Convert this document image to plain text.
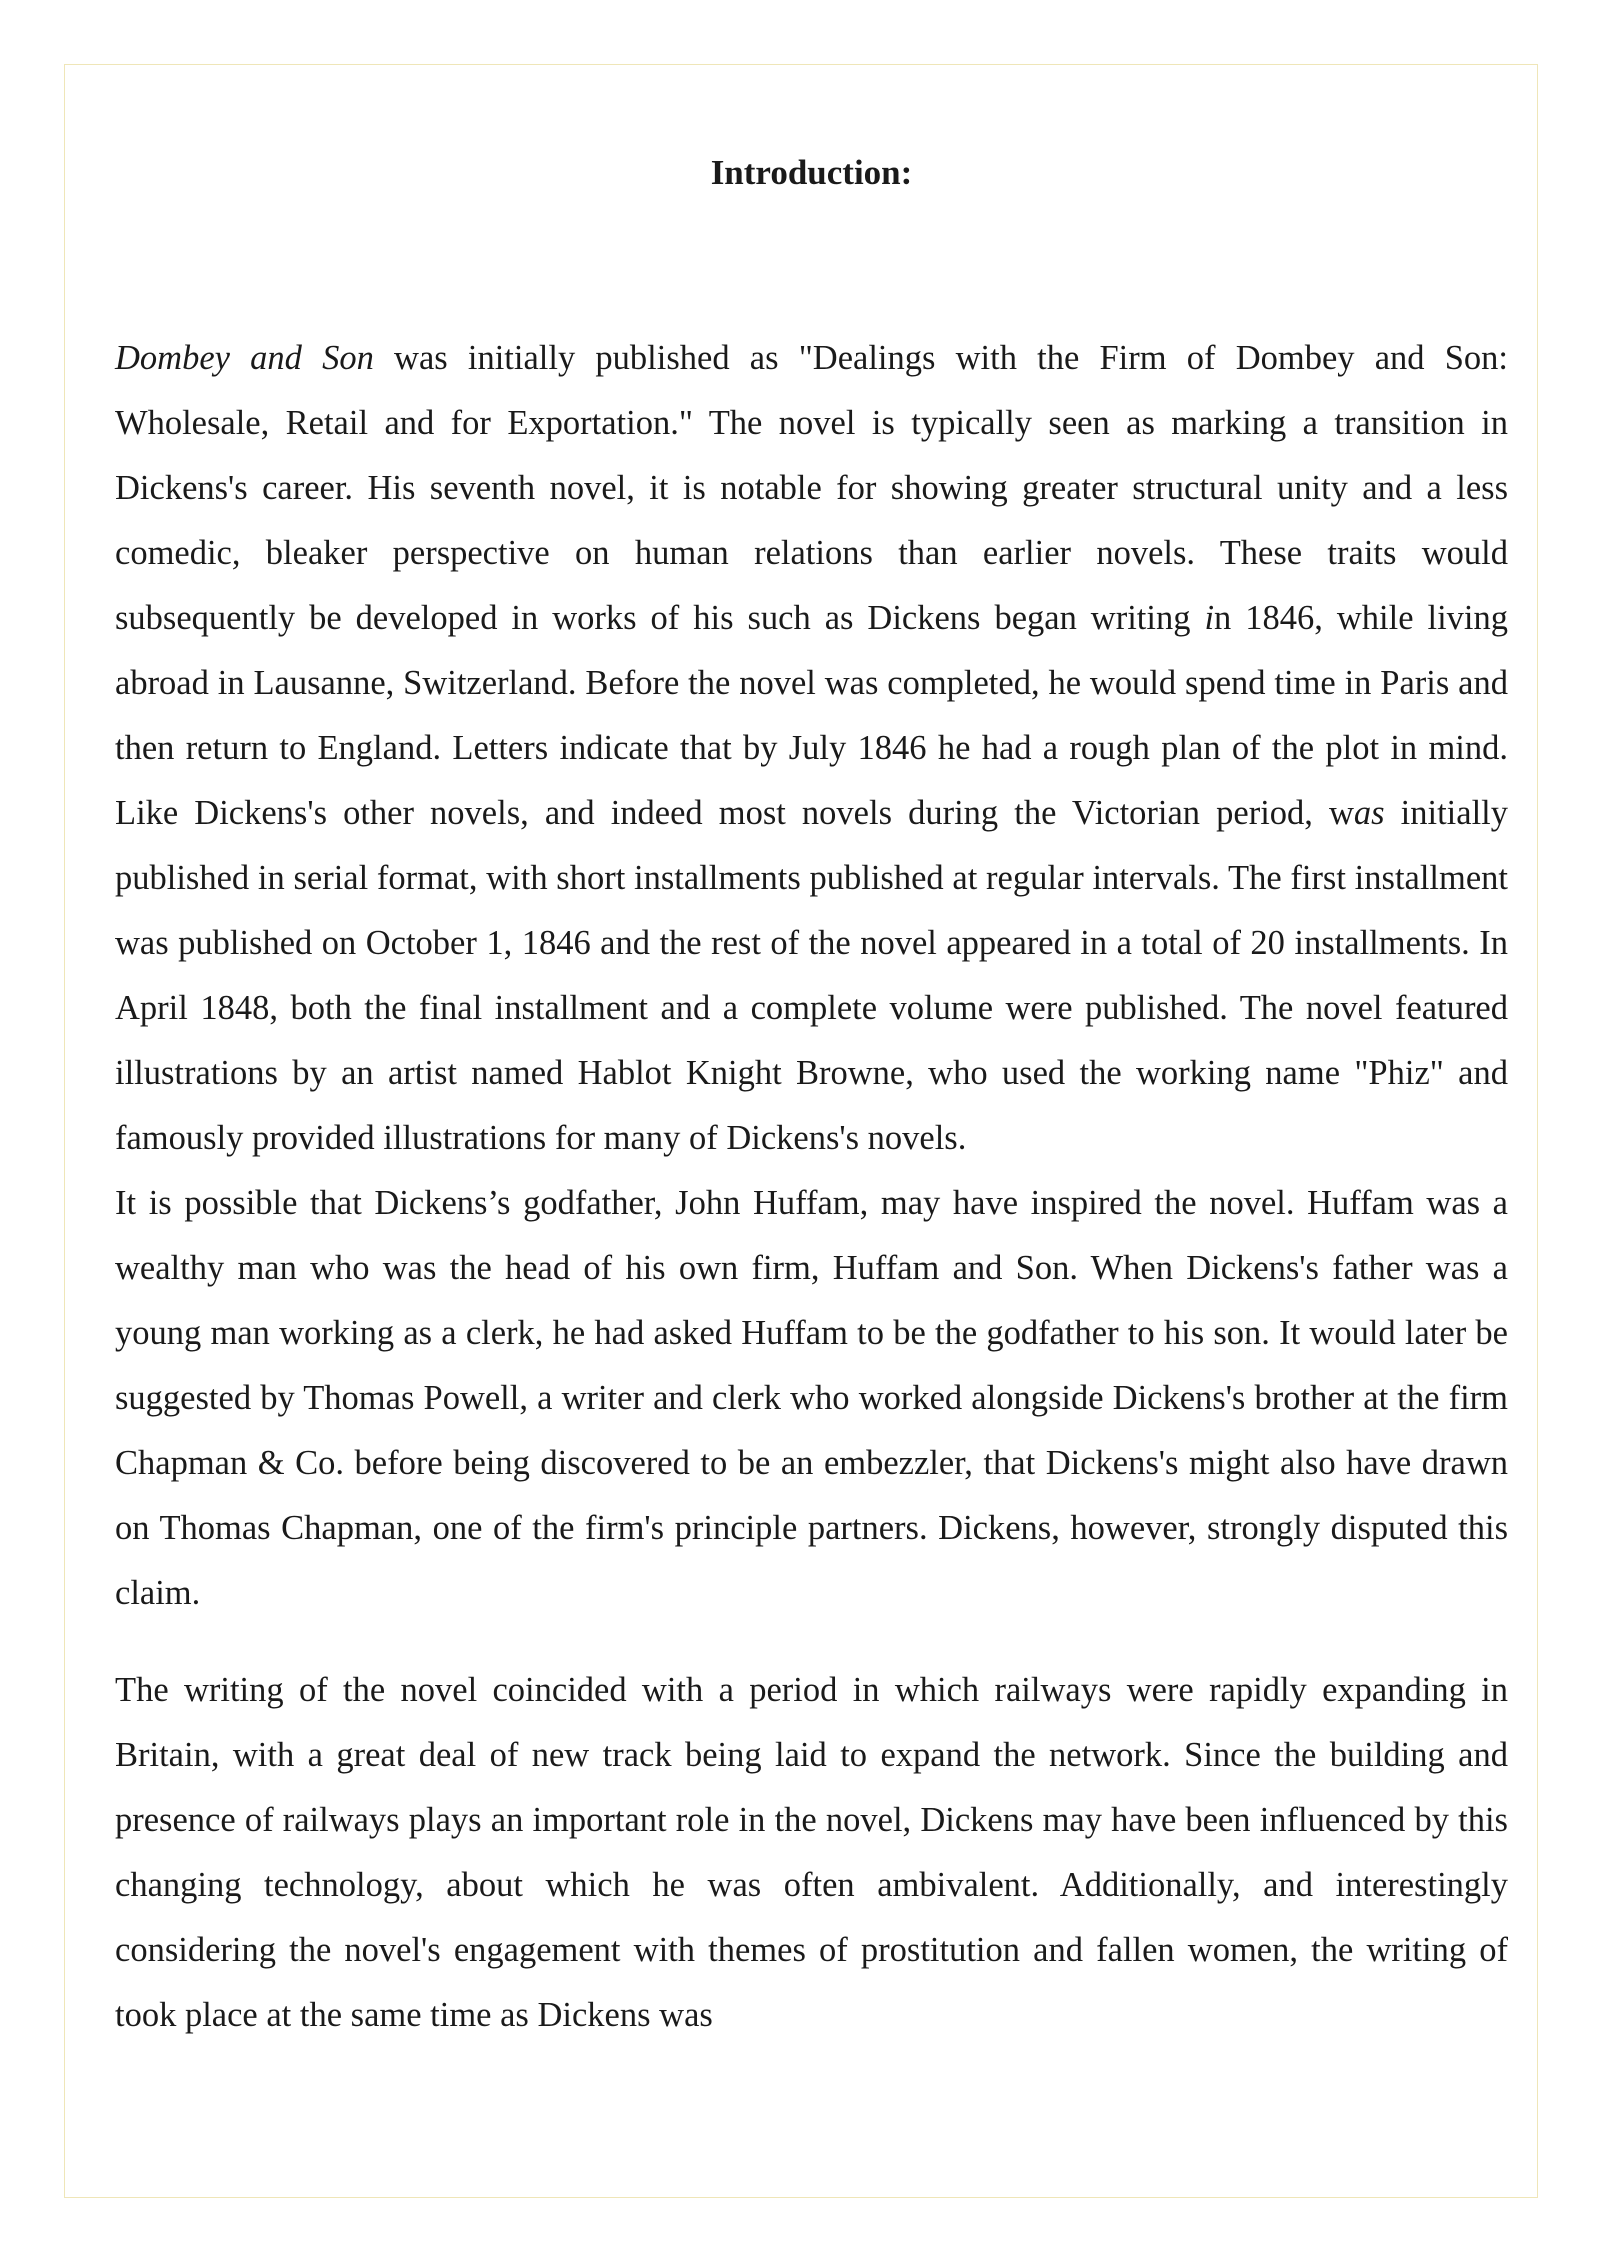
Introduction:

Dombey and Son was initially published as "Dealings with the Firm of Dombey and Son: Wholesale, Retail and for Exportation." The novel is typically seen as marking a transition in Dickens's career. His seventh novel, it is notable for showing greater structural unity and a less comedic, bleaker perspective on human relations than earlier novels. These traits would subsequently be developed in works of his such as Dickens began writing in 1846, while living abroad in Lausanne, Switzerland. Before the novel was completed, he would spend time in Paris and then return to England. Letters indicate that by July 1846 he had a rough plan of the plot in mind. Like Dickens's other novels, and indeed most novels during the Victorian period, was initially published in serial format, with short installments published at regular intervals. The first installment was published on October 1, 1846 and the rest of the novel appeared in a total of 20 installments. In April 1848, both the final installment and a complete volume were published. The novel featured illustrations by an artist named Hablot Knight Browne, who used the working name "Phiz" and famously provided illustrations for many of Dickens's novels.

It is possible that Dickens’s godfather, John Huffam, may have inspired the novel. Huffam was a wealthy man who was the head of his own firm, Huffam and Son. When Dickens's father was a young man working as a clerk, he had asked Huffam to be the godfather to his son. It would later be suggested by Thomas Powell, a writer and clerk who worked alongside Dickens's brother at the firm Chapman & Co. before being discovered to be an embezzler, that Dickens's might also have drawn on Thomas Chapman, one of the firm's principle partners. Dickens, however, strongly disputed this claim.

The writing of the novel coincided with a period in which railways were rapidly expanding in Britain, with a great deal of new track being laid to expand the network. Since the building and presence of railways plays an important role in the novel, Dickens may have been influenced by this changing technology, about which he was often ambivalent. Additionally, and interestingly considering the novel's engagement with themes of prostitution and fallen women, the writing of took place at the same time as Dickens was
